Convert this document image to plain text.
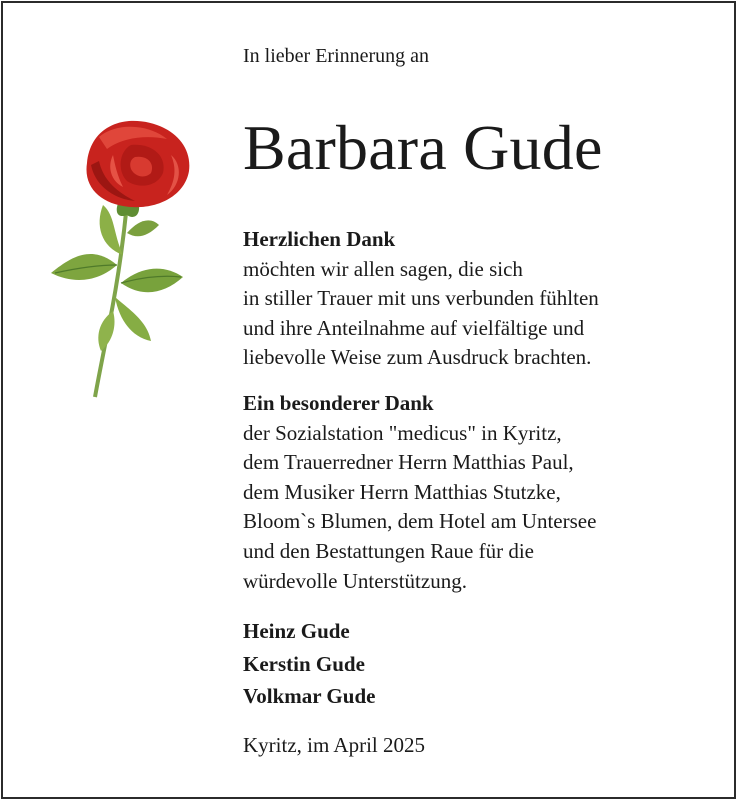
In lieber Erinnerung an
Barbara Gude
Herzlichen Dank
möchten wir allen sagen, die sich
in stiller Trauer mit uns verbunden fühlten
und ihre Anteilnahme auf vielfältige und
liebevolle Weise zum Ausdruck brachten.
Ein besonderer Dank
der Sozialstation "medicus" in Kyritz,
dem Trauerredner Herrn Matthias Paul,
dem Musiker Herrn Matthias Stutzke,
Bloom`s Blumen, dem Hotel am Untersee
und den Bestattungen Raue für die
würdevolle Unterstützung.
Heinz Gude
Kerstin Gude
Volkmar Gude
Kyritz, im April 2025
